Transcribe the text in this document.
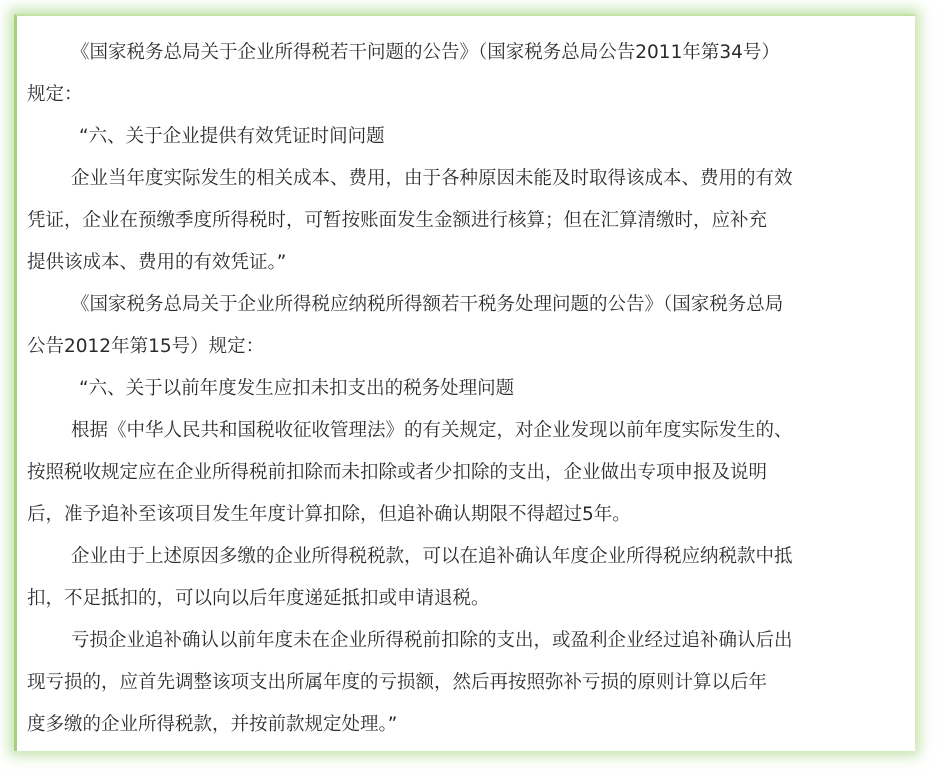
《国家税务总局关于企业所得税若干问题的公告》（国家税务总局公告2011年第34号）
规定：
“六、关于企业提供有效凭证时间问题
企业当年度实际发生的相关成本、费用，由于各种原因未能及时取得该成本、费用的有效
凭证，企业在预缴季度所得税时，可暂按账面发生金额进行核算；但在汇算清缴时，应补充
提供该成本、费用的有效凭证。”
《国家税务总局关于企业所得税应纳税所得额若干税务处理问题的公告》（国家税务总局
公告2012年第15号）规定：
“六、关于以前年度发生应扣未扣支出的税务处理问题
根据《中华人民共和国税收征收管理法》的有关规定，对企业发现以前年度实际发生的、
按照税收规定应在企业所得税前扣除而未扣除或者少扣除的支出，企业做出专项申报及说明
后，准予追补至该项目发生年度计算扣除，但追补确认期限不得超过5年。
企业由于上述原因多缴的企业所得税税款，可以在追补确认年度企业所得税应纳税款中抵
扣，不足抵扣的，可以向以后年度递延抵扣或申请退税。
亏损企业追补确认以前年度未在企业所得税前扣除的支出，或盈利企业经过追补确认后出
现亏损的，应首先调整该项支出所属年度的亏损额，然后再按照弥补亏损的原则计算以后年
度多缴的企业所得税款，并按前款规定处理。”
